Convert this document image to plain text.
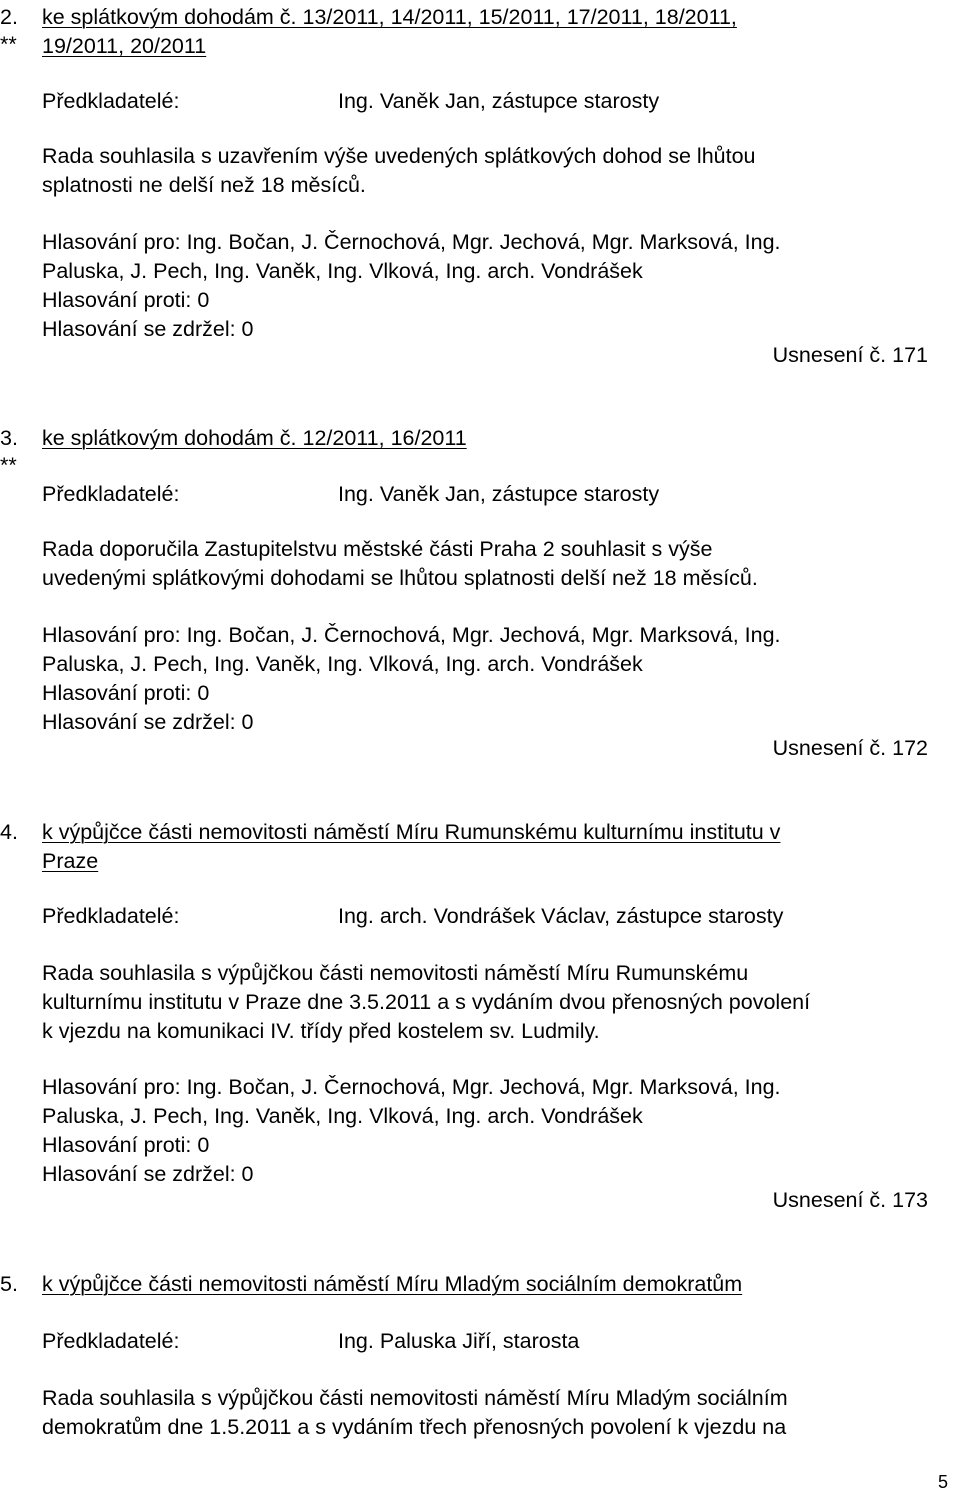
2.
**
ke splátkovým dohodám č. 13/2011, 14/2011, 15/2011, 17/2011, 18/2011,
19/2011, 20/2011
Předkladatelé:	Ing. Vaněk Jan, zástupce starosty
Rada souhlasila s uzavřením výše uvedených splátkových dohod se lhůtou
splatnosti ne delší než 18 měsíců.
Hlasování pro: Ing. Bočan, J. Černochová, Mgr. Jechová, Mgr. Marksová, Ing.
Paluska, J. Pech, Ing. Vaněk, Ing. Vlková, Ing. arch. Vondrášek
Hlasování proti: 0
Hlasování se zdržel: 0
Usnesení č. 171
3.
**
ke splátkovým dohodám č. 12/2011, 16/2011
Předkladatelé:	Ing. Vaněk Jan, zástupce starosty
Rada doporučila Zastupitelstvu městské části Praha 2 souhlasit s výše
uvedenými splátkovými dohodami se lhůtou splatnosti delší než 18 měsíců.
Hlasování pro: Ing. Bočan, J. Černochová, Mgr. Jechová, Mgr. Marksová, Ing.
Paluska, J. Pech, Ing. Vaněk, Ing. Vlková, Ing. arch. Vondrášek
Hlasování proti: 0
Hlasování se zdržel: 0
Usnesení č. 172
4. k výpůjčce části nemovitosti náměstí Míru Rumunskému kulturnímu institutu v
Praze
Předkladatelé:	Ing. arch. Vondrášek Václav, zástupce starosty
Rada souhlasila s výpůjčkou části nemovitosti náměstí Míru Rumunskému
kulturnímu institutu v Praze dne 3.5.2011 a s vydáním dvou přenosných povolení
k vjezdu na komunikaci IV. třídy před kostelem sv. Ludmily.
Hlasování pro: Ing. Bočan, J. Černochová, Mgr. Jechová, Mgr. Marksová, Ing.
Paluska, J. Pech, Ing. Vaněk, Ing. Vlková, Ing. arch. Vondrášek
Hlasování proti: 0
Hlasování se zdržel: 0
Usnesení č. 173
5. k výpůjčce části nemovitosti náměstí Míru Mladým sociálním demokratům
Předkladatelé:	Ing. Paluska Jiří, starosta
Rada souhlasila s výpůjčkou části nemovitosti náměstí Míru Mladým sociálním
demokratům dne 1.5.2011 a s vydáním třech přenosných povolení k vjezdu na
5
